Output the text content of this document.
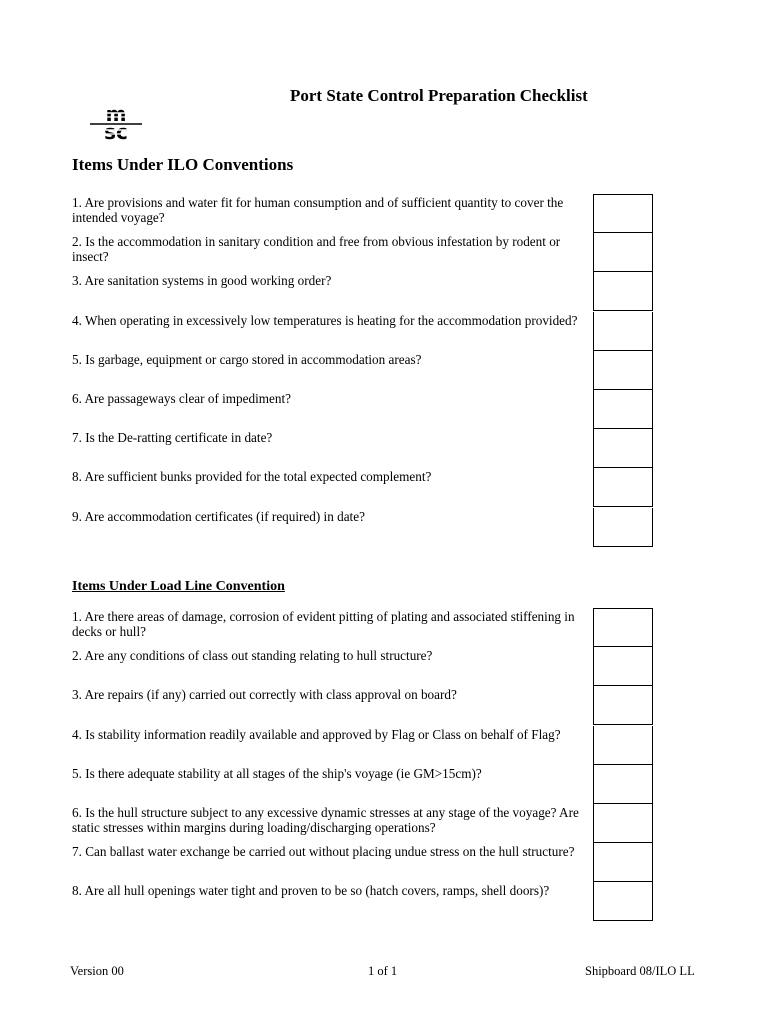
Port State Control Preparation Checklist
m
sc
Items Under ILO Conventions
1. Are provisions and water fit for human consumption and of sufficient quantity to cover the intended voyage?
2. Is the accommodation in sanitary condition and free from obvious infestation by rodent or insect?
3. Are sanitation systems in good working order?
4. When operating in excessively low temperatures is heating for the accommodation provided?
5. Is garbage, equipment or cargo stored in accommodation areas?
6. Are passageways clear of impediment?
7. Is the De-ratting certificate in date?
8. Are sufficient bunks provided for the total expected complement?
9. Are accommodation certificates (if required) in date?
Items Under Load Line Convention
1. Are there areas of damage, corrosion of evident pitting of plating and associated stiffening in decks or hull?
2. Are any conditions of class out standing relating to hull structure?
3. Are repairs (if any) carried out correctly with class approval on board?
4. Is stability information readily available and approved by Flag or Class on behalf of Flag?
5. Is there adequate stability at all stages of the ship's voyage (ie GM>15cm)?
6. Is the hull structure subject to any excessive dynamic stresses at any stage of the voyage? Are static stresses within margins during loading/discharging operations?
7. Can ballast water exchange be carried out without placing undue stress on the hull structure?
8. Are all hull openings water tight and proven to be so (hatch covers, ramps, shell doors)?
Version 00	1 of 1	Shipboard 08/ILO LL
